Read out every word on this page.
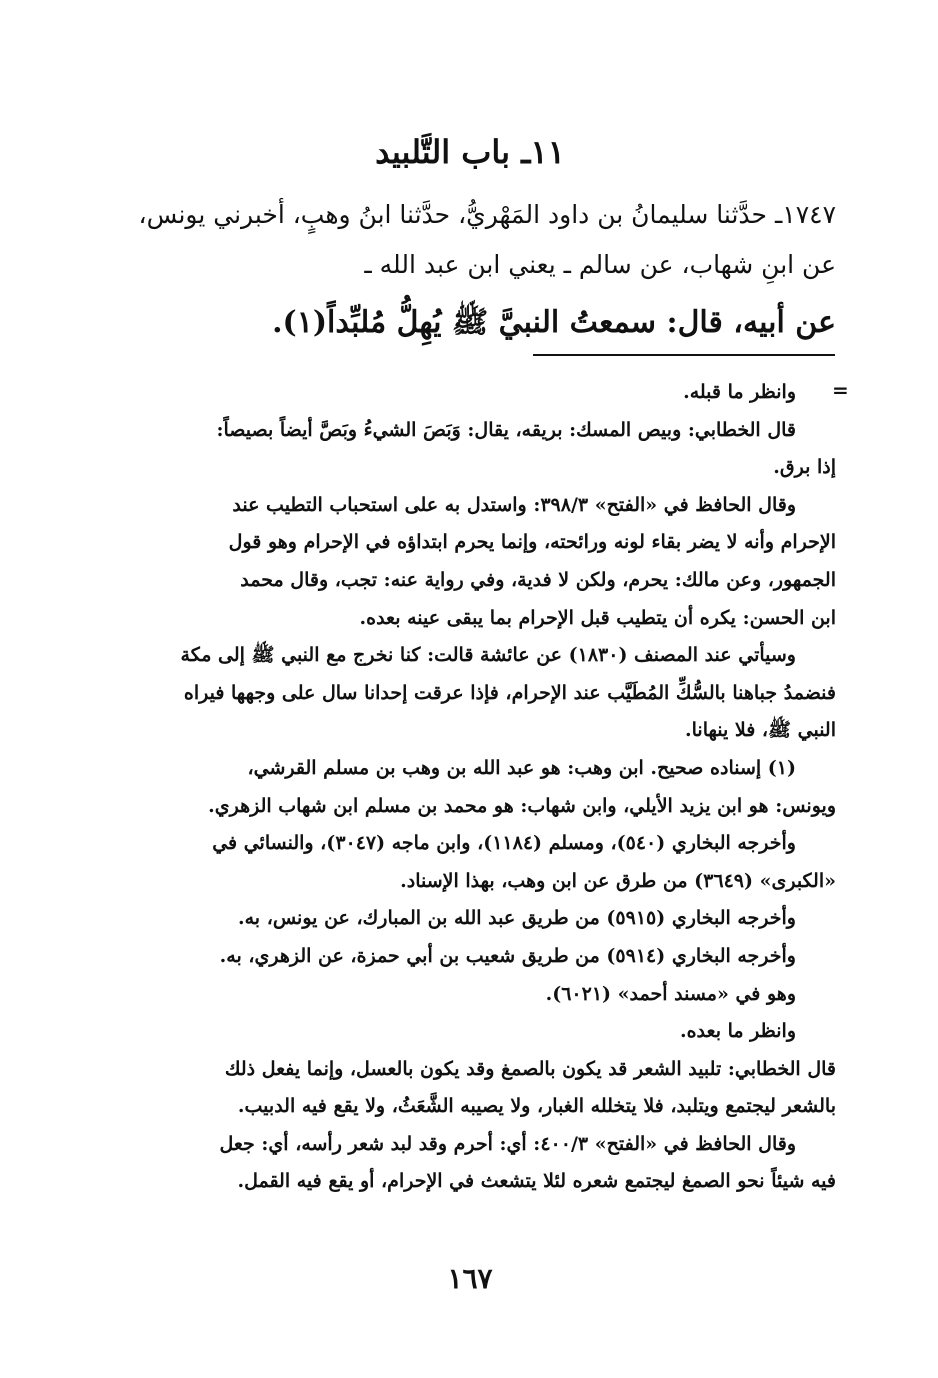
١١ـ باب التَّلبيد
١٧٤٧ـ حدَّثنا سليمانُ بن داود المَهْريُّ، حدَّثنا ابنُ وهبٍ، أخبرني يونس،
عن ابنِ شهاب، عن سالم ـ يعني ابن عبد الله ـ
عن أبيه، قال: سمعتُ النبيَّ ﷺ يُهِلُّ مُلبِّداً(١).
=
وانظر ما قبله.
قال الخطابي: وبيص المسك: بريقه، يقال: وَبَصَ الشيءُ وبَصَّ أيضاً بصيصاً:
إذا برق.
وقال الحافظ في «الفتح» ٣٩٨/٣: واستدل به على استحباب التطيب عند
الإحرام وأنه لا يضر بقاء لونه ورائحته، وإنما يحرم ابتداؤه في الإحرام وهو قول
الجمهور، وعن مالك: يحرم، ولكن لا فدية، وفي رواية عنه: تجب، وقال محمد
ابن الحسن: يكره أن يتطيب قبل الإحرام بما يبقى عينه بعده.
وسيأتي عند المصنف (١٨٣٠) عن عائشة قالت: كنا نخرج مع النبي ﷺ إلى مكة
فنضمدُ جباهنا بالسُّكِّ المُطَيَّب عند الإحرام، فإذا عرقت إحدانا سال على وجهها فيراه
النبي ﷺ، فلا ينهانا.
(١) إسناده صحيح. ابن وهب: هو عبد الله بن وهب بن مسلم القرشي،
ويونس: هو ابن يزيد الأيلي، وابن شهاب: هو محمد بن مسلم ابن شهاب الزهري.
وأخرجه البخاري (٥٤٠)، ومسلم (١١٨٤)، وابن ماجه (٣٠٤٧)، والنسائي في
«الكبرى» (٣٦٤٩) من طرق عن ابن وهب، بهذا الإسناد.
وأخرجه البخاري (٥٩١٥) من طريق عبد الله بن المبارك، عن يونس، به.
وأخرجه البخاري (٥٩١٤) من طريق شعيب بن أبي حمزة، عن الزهري، به.
وهو في «مسند أحمد» (٦٠٢١).
وانظر ما بعده.
قال الخطابي: تلبيد الشعر قد يكون بالصمغ وقد يكون بالعسل، وإنما يفعل ذلك
بالشعر ليجتمع ويتلبد، فلا يتخلله الغبار، ولا يصيبه الشَّعَثُ، ولا يقع فيه الدبيب.
وقال الحافظ في «الفتح» ٤٠٠/٣: أي: أحرم وقد لبد شعر رأسه، أي: جعل
فيه شيئاً نحو الصمغ ليجتمع شعره لئلا يتشعث في الإحرام، أو يقع فيه القمل.
١٦٧
